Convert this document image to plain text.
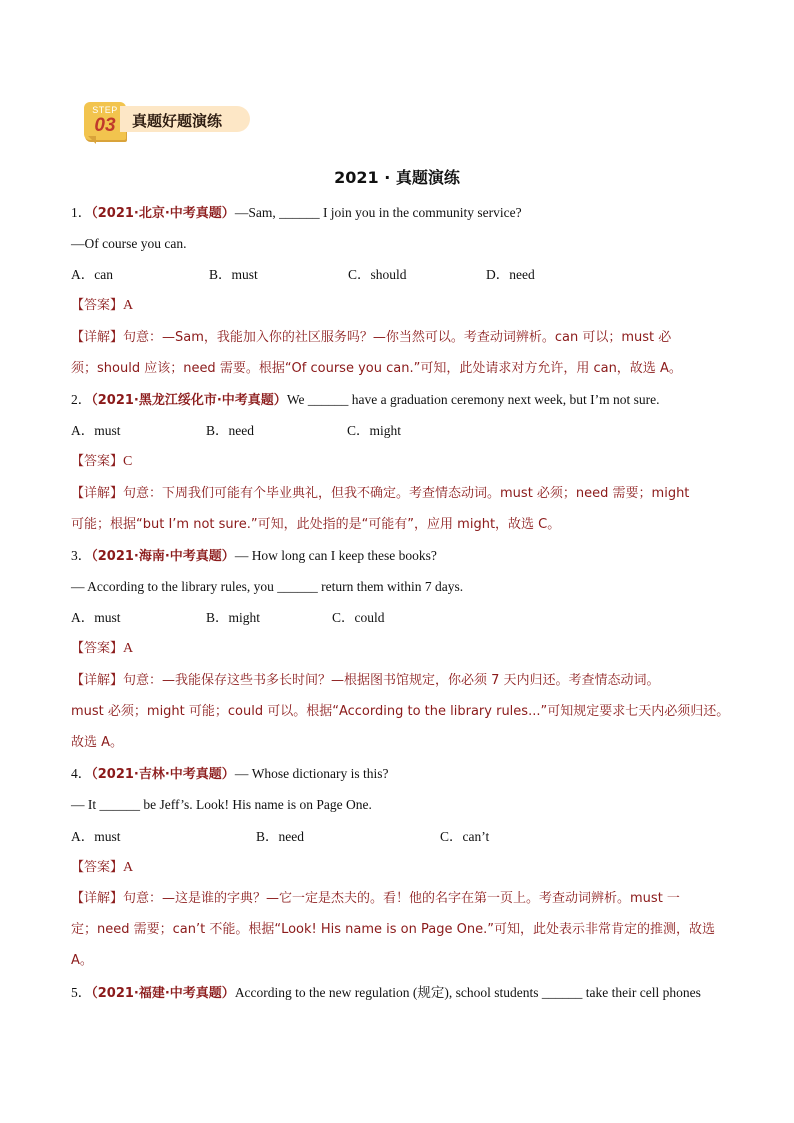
STEP
03	真题好题演练
2021 · 真题演练
1．（2021·北京·中考真题）—Sam, ______ I join you in the community service?
—Of course you can.
A．can	B．must	C．should	D．need
【答案】A
【详解】句意：—Sam，我能加入你的社区服务吗？—你当然可以。考查动词辨析。can 可以；must 必
须；should 应该；need 需要。根据“Of course you can.”可知，此处请求对方允许，用 can，故选 A。
2．（2021·黑龙江绥化市·中考真题）We ______ have a graduation ceremony next week, but I’m not sure.
A．must	B．need	C．might
【答案】C
【详解】句意：下周我们可能有个毕业典礼，但我不确定。考查情态动词。must 必须；need 需要；might
可能；根据“but I’m not sure.”可知，此处指的是“可能有”，应用 might，故选 C。
3．（2021·海南·中考真题）— How long can I keep these books?
— According to the library rules, you ______ return them within 7 days.
A．must	B．might	C．could
【答案】A
【详解】句意：—我能保存这些书多长时间？—根据图书馆规定，你必须 7 天内归还。考查情态动词。
must 必须；might 可能；could 可以。根据“According to the library rules...”可知规定要求七天内必须归还。
故选 A。
4．（2021·吉林·中考真题）— Whose dictionary is this?
— It ______ be Jeff’s. Look! His name is on Page One.
A．must	B．need	C．can’t
【答案】A
【详解】句意：—这是谁的字典？—它一定是杰夫的。看！他的名字在第一页上。考查动词辨析。must 一
定；need 需要；can’t 不能。根据“Look! His name is on Page One.”可知，此处表示非常肯定的推测，故选
A。
5．（2021·福建·中考真题）According to the new regulation (规定), school students ______ take their cell phones
